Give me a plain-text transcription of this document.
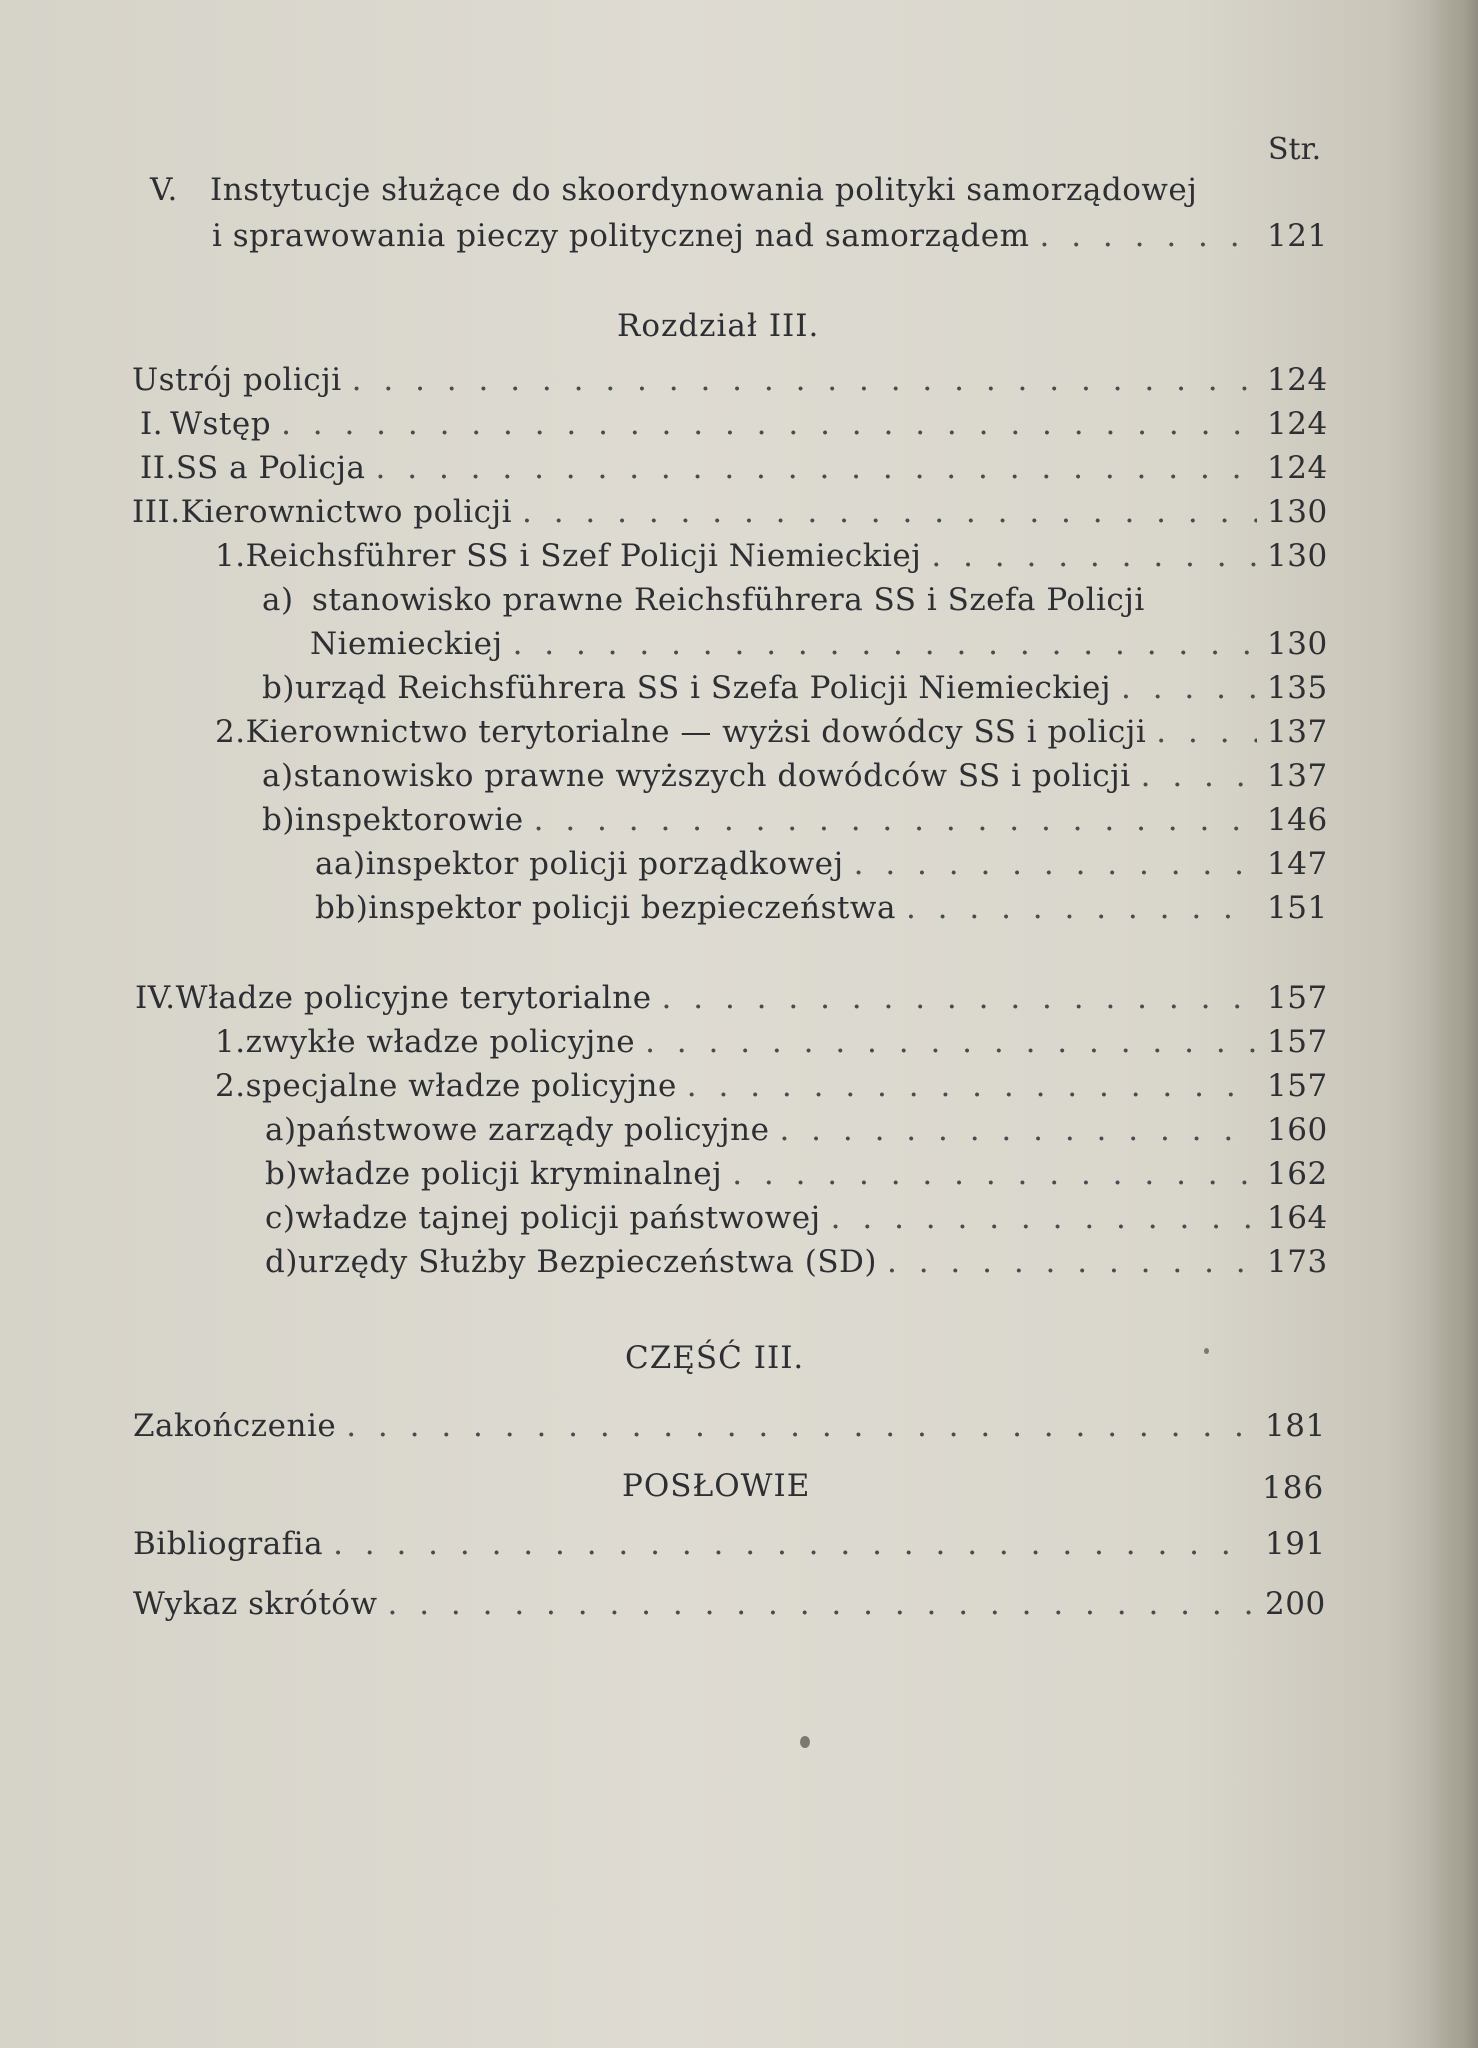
Str.
V.	Instytucje służące do skoordynowania polityki samorządowej
i sprawowania pieczy politycznej nad samorządem . . .	121
Rozdział III.
Ustrój policji . . .	124
I. Wstęp . . .	124
II. SS a Policja . . .	124
III. Kierownictwo policji . . .	130
1. Reichsführer SS i Szef Policji Niemieckiej . . .	130
a) stanowisko prawne Reichsführera SS i Szefa Policji
Niemieckiej . . .	130
b) urząd Reichsführera SS i Szefa Policji Niemieckiej . . .	135
2. Kierownictwo terytorialne — wyżsi dowódcy SS i policji . . .	137
a) stanowisko prawne wyższych dowódców SS i policji . . .	137
b) inspektorowie . . .	146
aa) inspektor policji porządkowej . . .	147
bb) inspektor policji bezpieczeństwa . . .	151
IV. Władze policyjne terytorialne . . .	157
1. zwykłe władze policyjne . . .	157
2. specjalne władze policyjne . . .	157
a) państwowe zarządy policyjne . . .	160
b) władze policji kryminalnej . . .	162
c) władze tajnej policji państwowej . . .	164
d) urzędy Służby Bezpieczeństwa (SD) . . .	173
CZĘŚĆ III.
Zakończenie . . .	181
POSŁOWIE	186
Bibliografia . . .	191
Wykaz skrótów . . .	200
